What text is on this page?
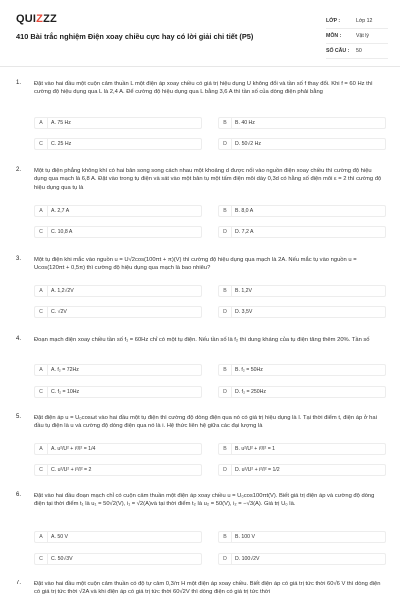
QUIZZZ
410 Bài trắc nghiệm Điện xoay chiều cực hay có lời giải chi tiết (P5)
LỚP :	Lớp 12
MÔN :	Vật lý
SỐ CÂU :	50
1. Đặt vào hai đầu một cuộn cảm thuần L một điện áp xoay chiều có giá trị hiệu dụng U không đổi và tần số f thay đổi. Khi f = 60 Hz thì cường độ hiệu dụng qua L là 2,4 A. Để cường độ hiệu dụng qua L bằng 3,6 A thì tần số của dòng điện phải bằng
A	A. 75 Hz	B	B. 40 Hz
C	C. 25 Hz	D	D. 50√2 Hz
2. Một tụ điện phẳng không khí có hai bản song song cách nhau một khoảng d được nối vào nguồn điện xoay chiều thì cường độ hiệu dụng qua mạch là 6,8 A. Đặt vào trong tụ điện và sát vào một bản tụ một tấm điện môi dày 0,3d có hằng số điện môi ε = 2 thì cường độ hiệu dụng qua tụ là
A	A. 2,7 A	B	B. 8,0 A
C	C. 10,8 A	D	D. 7,2 A
3. Một tụ điện khi mắc vào nguồn u = U√2cos(100πt + π)(V) thì cường độ hiệu dụng qua mạch là 2A. Nếu mắc tụ vào nguồn u = Ucos(120πt + 0,5π) thì cường độ hiệu dụng qua mạch là bao nhiêu?
A	A. 1,2√2V	B	B. 1,2V
C	C. √2V	D	D. 3,5V
4. Đoạn mạch điện xoay chiều tần số f₁ = 60Hz chỉ có một tụ điện. Nếu tần số là f₂ thì dung kháng của tụ điện tăng thêm 20%. Tần số
A	A. f₂ = 72Hz	B	B. f₂ = 50Hz
C	C. f₂ = 10Hz	D	D. f₂ = 250Hz
5. Đặt điện áp u = U₀cosωt vào hai đầu một tụ điện thì cường độ dòng điện qua nó có giá trị hiệu dụng là I. Tại thời điểm t, điện áp ở hai đầu tụ điện là u và cường độ dòng điện qua nó là i. Hệ thức liên hệ giữa các đại lượng là
A	A. u²/U² + i²/I² = 1/4	B	B. u²/U² + i²/I² = 1
C	C. u²/U² + i²/I² = 2	D	D. u²/U² + i²/I² = 1/2
6. Đặt vào hai đầu đoạn mạch chỉ có cuộn cảm thuần một điện áp xoay chiều u = U₀cos100πt(V). Biết giá trị điện áp và cường độ dòng điện tại thời điểm t₁ là u₁ = 50√2(V), i₁ = √2(A)và tại thời điểm t₂ là u₂ = 50(V), i₂ = −√3(A). Giá trị U₀ là.
A	A. 50 V	B	B. 100 V
C	C. 50√3V	D	D. 100√2V
7. Đặt vào hai đầu một cuộn cảm thuần có độ tự cảm 0,3/π H một điện áp xoay chiều. Biết điện áp có giá trị tức thời 60√6 V thì dòng điện có giá trị tức thời √2A và khi điện áp có giá trị tức thời 60√2V thì dòng điện có giá trị tức thời
